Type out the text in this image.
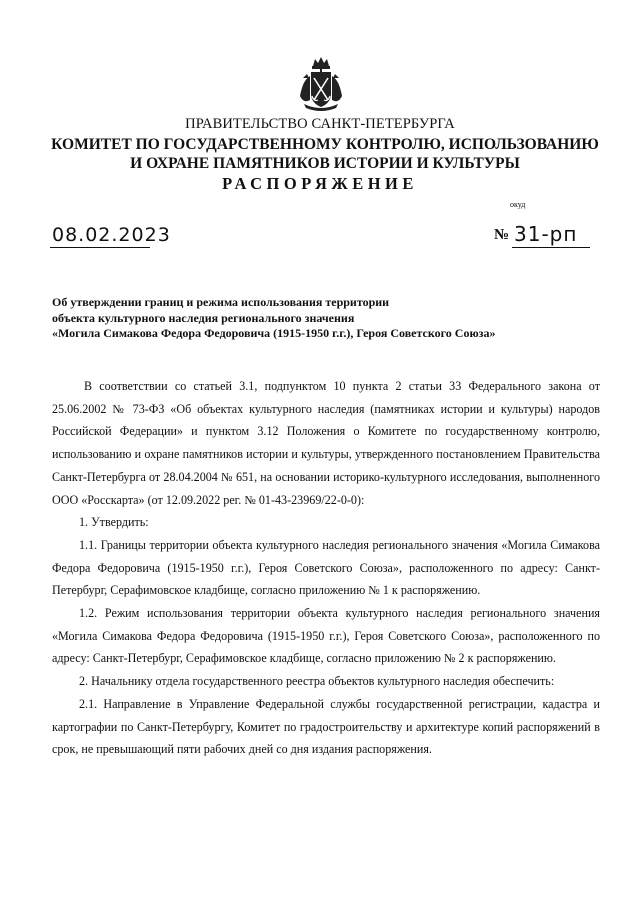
ПРАВИТЕЛЬСТВО САНКТ-ПЕТЕРБУРГА
КОМИТЕТ ПО ГОСУДАРСТВЕННОМУ КОНТРОЛЮ, ИСПОЛЬЗОВАНИЮ
И ОХРАНЕ ПАМЯТНИКОВ ИСТОРИИ И КУЛЬТУРЫ
РАСПОРЯЖЕНИЕ
окуд
08.02.2023	№ 31-рп
Об утверждении границ и режима использования территории
объекта культурного наследия регионального значения
«Могила Симакова Федора Федоровича (1915-1950 г.г.), Героя Советского Союза»

В соответствии со статьей 3.1, подпунктом 10 пункта 2 статьи 33 Федерального закона от 25.06.2002 № 73-ФЗ «Об объектах культурного наследия (памятниках истории и культуры) народов Российской Федерации» и пунктом 3.12 Положения о Комитете по государственному контролю, использованию и охране памятников истории и культуры, утвержденного постановлением Правительства Санкт-Петербурга от 28.04.2004 № 651, на основании историко-культурного исследования, выполненного ООО «Росскарта» (от 12.09.2022 рег. № 01-43-23969/22-0-0):

1. Утвердить:

1.1. Границы территории объекта культурного наследия регионального значения «Могила Симакова Федора Федоровича (1915-1950 г.г.), Героя Советского Союза», расположенного по адресу: Санкт-Петербург, Серафимовское кладбище, согласно приложению № 1 к распоряжению.

1.2. Режим использования территории объекта культурного наследия регионального значения «Могила Симакова Федора Федоровича (1915-1950 г.г.), Героя Советского Союза», расположенного по адресу: Санкт-Петербург, Серафимовское кладбище, согласно приложению № 2 к распоряжению.

2. Начальнику отдела государственного реестра объектов культурного наследия обеспечить:

2.1. Направление в Управление Федеральной службы государственной регистрации, кадастра и картографии по Санкт-Петербургу, Комитет по градостроительству и архитектуре копий распоряжений в срок, не превышающий пяти рабочих дней со дня издания распоряжения.
